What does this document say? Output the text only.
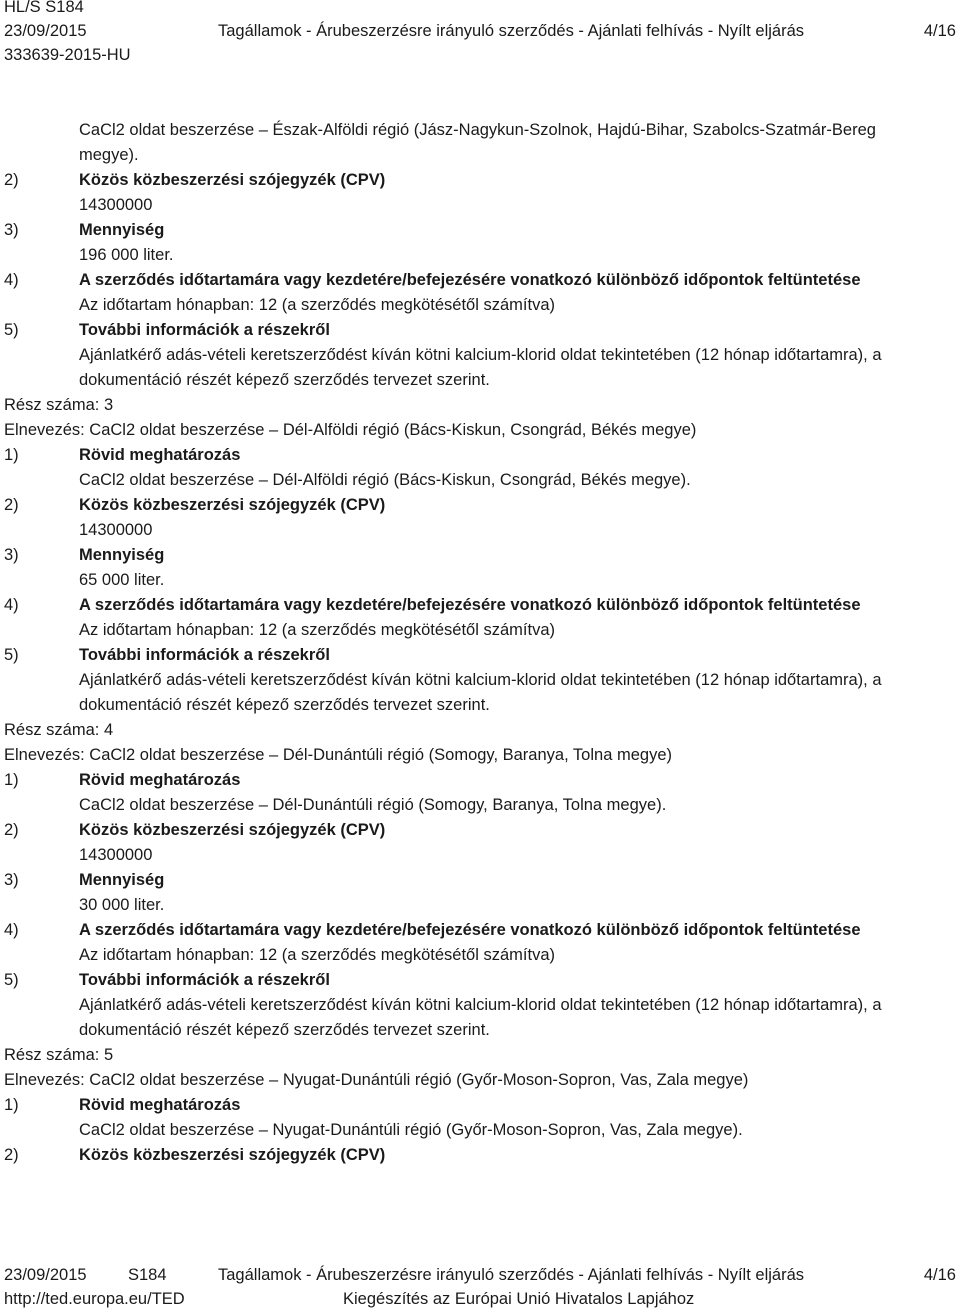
HL/S S184
23/09/2015
333639-2015-HU
Tagállamok - Árubeszerzésre irányuló szerződés - Ajánlati felhívás - Nyílt eljárás	4/16
CaCl2 oldat beszerzése – Észak-Alföldi régió (Jász-Nagykun-Szolnok, Hajdú-Bihar, Szabolcs-Szatmár-Bereg
megye).
2)	Közös közbeszerzési szójegyzék (CPV)
14300000
3)	Mennyiség
196 000 liter.
4)	A szerződés időtartamára vagy kezdetére/befejezésére vonatkozó különböző időpontok feltüntetése
Az időtartam hónapban: 12 (a szerződés megkötésétől számítva)
5)	További információk a részekről
Ajánlatkérő adás-vételi keretszerződést kíván kötni kalcium-klorid oldat tekintetében (12 hónap időtartamra), a
dokumentáció részét képező szerződés tervezet szerint.
Rész száma: 3
Elnevezés: CaCl2 oldat beszerzése – Dél-Alföldi régió (Bács-Kiskun, Csongrád, Békés megye)
1)	Rövid meghatározás
CaCl2 oldat beszerzése – Dél-Alföldi régió (Bács-Kiskun, Csongrád, Békés megye).
2)	Közös közbeszerzési szójegyzék (CPV)
14300000
3)	Mennyiség
65 000 liter.
4)	A szerződés időtartamára vagy kezdetére/befejezésére vonatkozó különböző időpontok feltüntetése
Az időtartam hónapban: 12 (a szerződés megkötésétől számítva)
5)	További információk a részekről
Ajánlatkérő adás-vételi keretszerződést kíván kötni kalcium-klorid oldat tekintetében (12 hónap időtartamra), a
dokumentáció részét képező szerződés tervezet szerint.
Rész száma: 4
Elnevezés: CaCl2 oldat beszerzése – Dél-Dunántúli régió (Somogy, Baranya, Tolna megye)
1)	Rövid meghatározás
CaCl2 oldat beszerzése – Dél-Dunántúli régió (Somogy, Baranya, Tolna megye).
2)	Közös közbeszerzési szójegyzék (CPV)
14300000
3)	Mennyiség
30 000 liter.
4)	A szerződés időtartamára vagy kezdetére/befejezésére vonatkozó különböző időpontok feltüntetése
Az időtartam hónapban: 12 (a szerződés megkötésétől számítva)
5)	További információk a részekről
Ajánlatkérő adás-vételi keretszerződést kíván kötni kalcium-klorid oldat tekintetében (12 hónap időtartamra), a
dokumentáció részét képező szerződés tervezet szerint.
Rész száma: 5
Elnevezés: CaCl2 oldat beszerzése – Nyugat-Dunántúli régió (Győr-Moson-Sopron, Vas, Zala megye)
1)	Rövid meghatározás
CaCl2 oldat beszerzése – Nyugat-Dunántúli régió (Győr-Moson-Sopron, Vas, Zala megye).
2)	Közös közbeszerzési szójegyzék (CPV)
23/09/2015	S184	Tagállamok - Árubeszerzésre irányuló szerződés - Ajánlati felhívás - Nyílt eljárás	4/16
http://ted.europa.eu/TED	Kiegészítés az Európai Unió Hivatalos Lapjához
